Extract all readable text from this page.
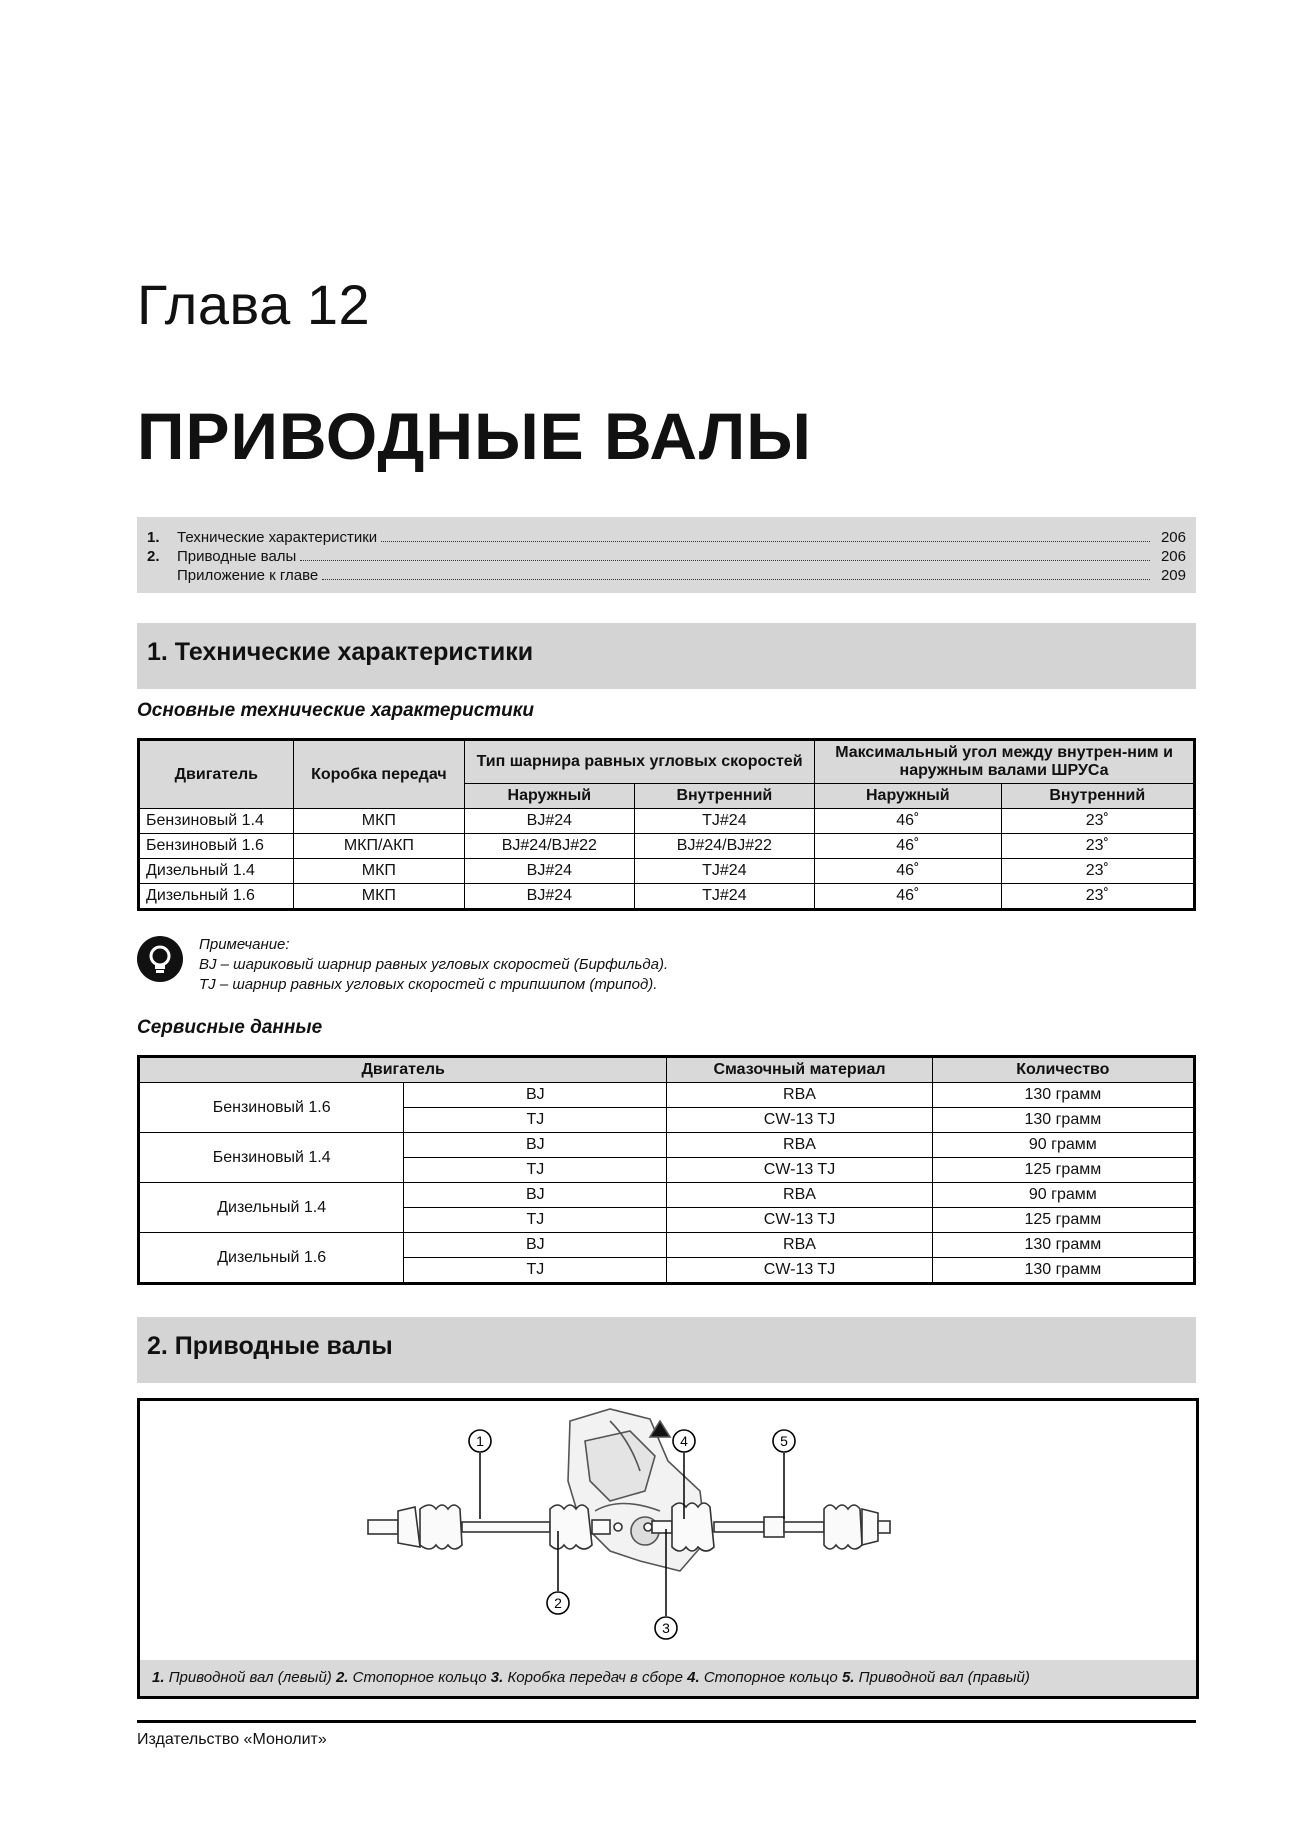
Глава 12
ПРИВОДНЫЕ ВАЛЫ
1.	Технические характеристики	206
2.	Приводные валы	206
Приложение к главе	209
1. Технические характеристики
Основные технические характеристики
Двигатель	Коробка передач	Тип шарнира равных угловых скоростей		Максимальный угол между внутрен-ним и наружным валами ШРУСа	
		Наружный	Внутренний	Наружный	Внутренний
Бензиновый 1.4	МКП	BJ#24	TJ#24	46˚	23˚
Бензиновый 1.6	МКП/АКП	BJ#24/BJ#22	BJ#24/BJ#22	46˚	23˚
Дизельный 1.4	МКП	BJ#24	TJ#24	46˚	23˚
Дизельный 1.6	МКП	BJ#24	TJ#24	46˚	23˚
Примечание:
BJ – шариковый шарнир равных угловых скоростей (Бирфильда).
TJ – шарнир равных угловых скоростей с трипшипом (трипод).
Сервисные данные
Двигатель		Смазочный материал	Количество
Бензиновый 1.6	BJ	RBA	130 грамм
	TJ	CW-13 TJ	130 грамм
Бензиновый 1.4	BJ	RBA	90 грамм
	TJ	CW-13 TJ	125 грамм
Дизельный 1.4	BJ	RBA	90 грамм
	TJ	CW-13 TJ	125 грамм
Дизельный 1.6	BJ	RBA	130 грамм
	TJ	CW-13 TJ	130 грамм
2. Приводные валы
1
2
3
4	5
1. Приводной вал (левый) 2. Стопорное кольцо 3. Коробка передач в сборе 4. Стопорное кольцо 5. Приводной вал (правый)
Издательство «Монолит»
